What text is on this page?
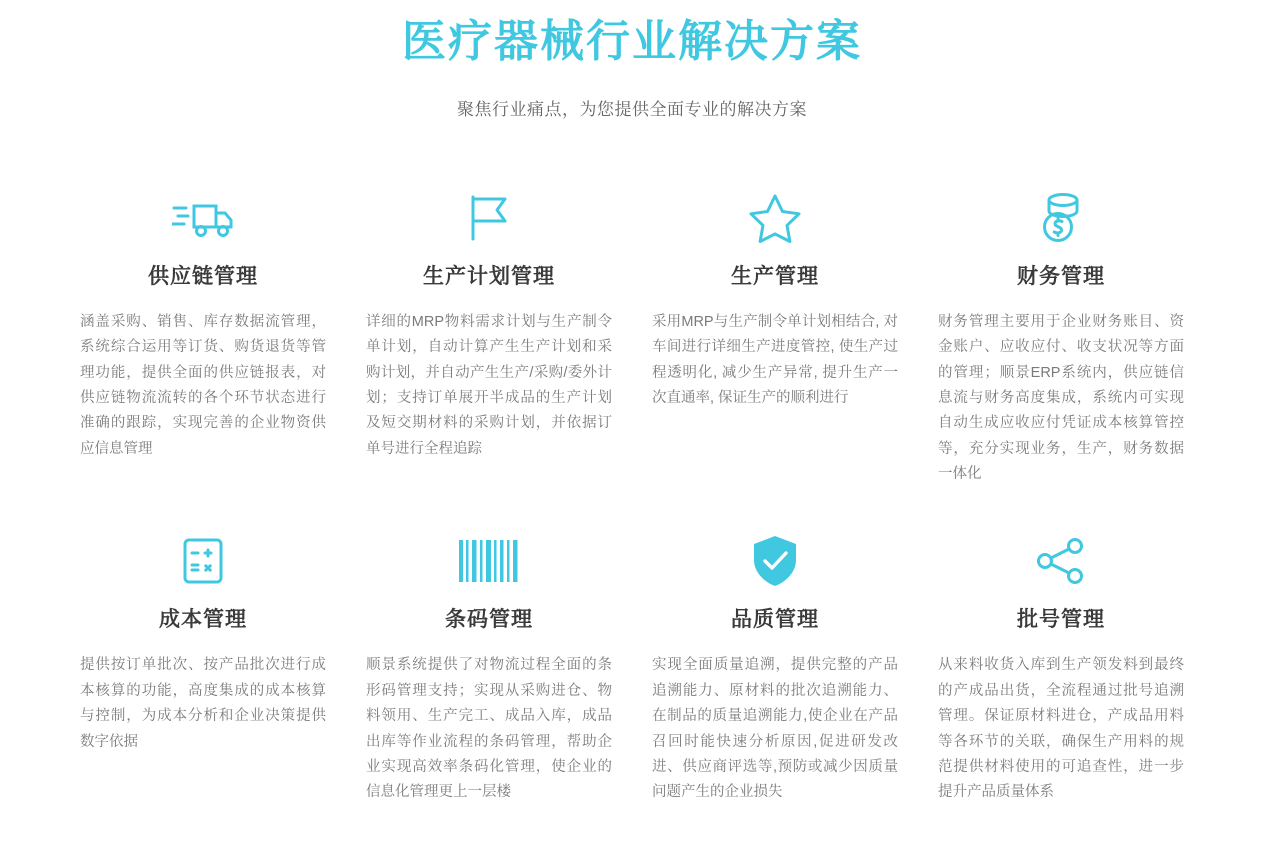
医疗器械行业解决方案
聚焦行业痛点，为您提供全面专业的解决方案
供应链管理
涵盖采购、销售、库存数据流管理，系统综合运用等订货、购货退货等管理功能，提供全面的供应链报表，对供应链物流流转的各个环节状态进行准确的跟踪，实现完善的企业物资供应信息管理
生产计划管理
详细的MRP物料需求计划与生产制令单计划，自动计算产生生产计划和采购计划，并自动产生生产/采购/委外计划；支持订单展开半成品的生产计划及短交期材料的采购计划，并依据订单号进行全程追踪
生产管理
采用MRP与生产制令单计划相结合, 对车间进行详细生产进度管控, 使生产过程透明化, 减少生产异常, 提升生产一次直通率, 保证生产的顺利进行
财务管理
财务管理主要用于企业财务账目、资金账户、应收应付、收支状况等方面的管理；顺景ERP系统内，供应链信息流与财务高度集成，系统内可实现自动生成应收应付凭证成本核算管控等，充分实现业务，生产，财务数据一体化
成本管理
提供按订单批次、按产品批次进行成本核算的功能，高度集成的成本核算与控制，为成本分析和企业决策提供数字依据
条码管理
顺景系统提供了对物流过程全面的条形码管理支持；实现从采购进仓、物料领用、生产完工、成品入库，成品出库等作业流程的条码管理，帮助企业实现高效率条码化管理，使企业的信息化管理更上一层楼
品质管理
实现全面质量追溯，提供完整的产品追溯能力、原材料的批次追溯能力、在制品的质量追溯能力,使企业在产品召回时能快速分析原因,促进研发改进、供应商评选等,预防或减少因质量问题产生的企业损失
批号管理
从来料收货入库到生产领发料到最终的产成品出货，全流程通过批号追溯管理。保证原材料进仓，产成品用料等各环节的关联，确保生产用料的规范提供材料使用的可追查性，进一步提升产品质量体系
